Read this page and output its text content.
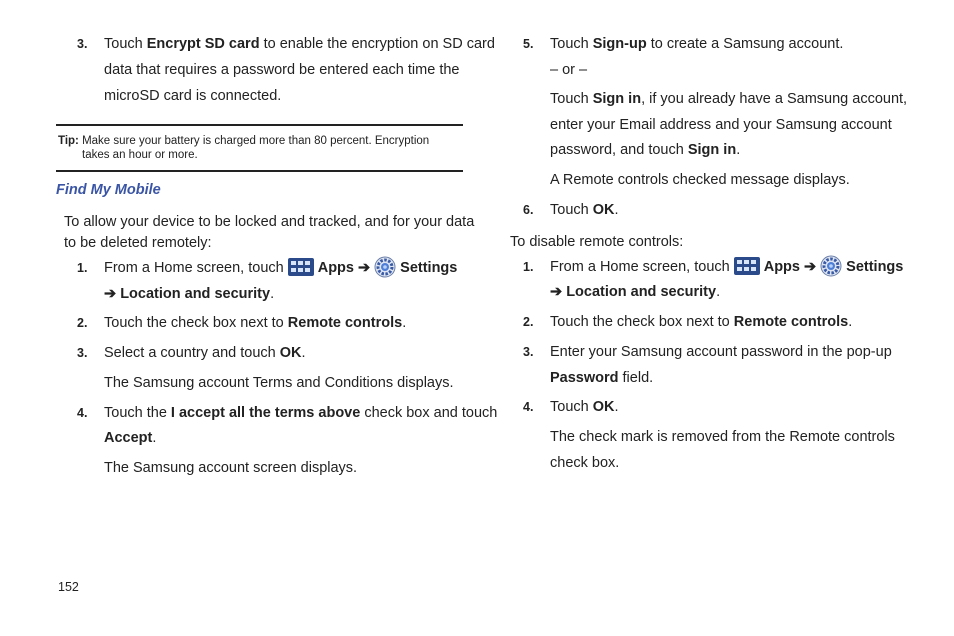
3. Touch Encrypt SD card to enable the encryption on SD card
data that requires a password be entered each time the
microSD card is connected.
Tip: Make sure your battery is charged more than 80 percent. Encryption
takes an hour or more.
Find My Mobile
To allow your device to be locked and tracked, and for your data
to be deleted remotely:
1. From a Home screen, touch Apps ➔ Settings
➔ Location and security.
2. Touch the check box next to Remote controls.
3. Select a country and touch OK.
The Samsung account Terms and Conditions displays.
4. Touch the I accept all the terms above check box and touch
Accept.
The Samsung account screen displays.
5. Touch Sign-up to create a Samsung account.
– or –
Touch Sign in, if you already have a Samsung account,
enter your Email address and your Samsung account
password, and touch Sign in.
A Remote controls checked message displays.
6. Touch OK.
To disable remote controls:
1. From a Home screen, touch Apps ➔ Settings
➔ Location and security.
2. Touch the check box next to Remote controls.
3. Enter your Samsung account password in the pop-up
Password field.
4. Touch OK.
The check mark is removed from the Remote controls
check box.
152
